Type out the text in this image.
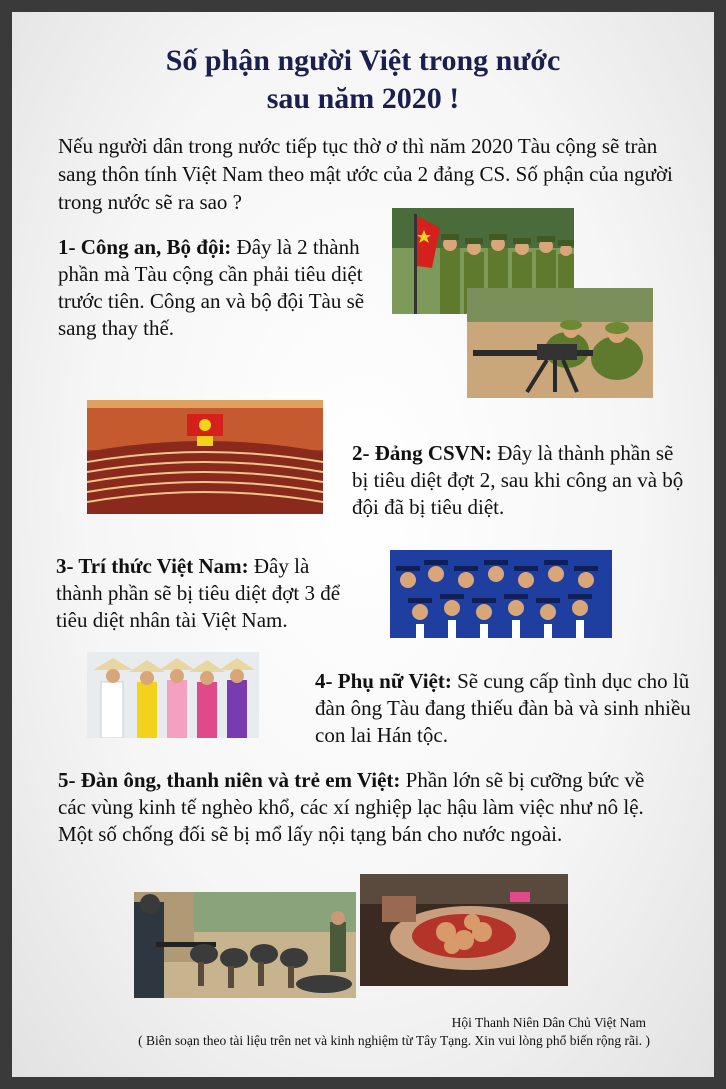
Số phận người Việt trong nước
sau năm 2020 !
Nếu người dân trong nước tiếp tục thờ ơ thì năm 2020 Tàu cộng sẽ tràn sang thôn tính Việt Nam theo mật ước của 2 đảng CS. Số phận của người trong nước sẽ ra sao ?
1- Công an, Bộ đội: Đây là 2 thành phần mà Tàu cộng cần phải tiêu diệt trước tiên. Công an và bộ đội Tàu sẽ sang thay thế.
2- Đảng CSVN: Đây là thành phần sẽ bị tiêu diệt đợt 2, sau khi công an và bộ đội đã bị tiêu diệt.
3- Trí thức Việt Nam: Đây là thành phần sẽ bị tiêu diệt đợt 3 để tiêu diệt nhân tài Việt Nam.
4- Phụ nữ Việt: Sẽ cung cấp tình dục cho lũ đàn ông Tàu đang thiếu đàn bà và sinh nhiều con lai Hán tộc.
5- Đàn ông, thanh niên và trẻ em Việt: Phần lớn sẽ bị cưỡng bức về các vùng kinh tế nghèo khổ, các xí nghiệp lạc hậu làm việc như nô lệ. Một số chống đối sẽ bị mổ lấy nội tạng bán cho nước ngoài.
Hội Thanh Niên Dân Chủ Việt Nam
( Biên soạn theo tài liệu trên net và kinh nghiệm từ Tây Tạng. Xin vui lòng phổ biến rộng rãi. )
